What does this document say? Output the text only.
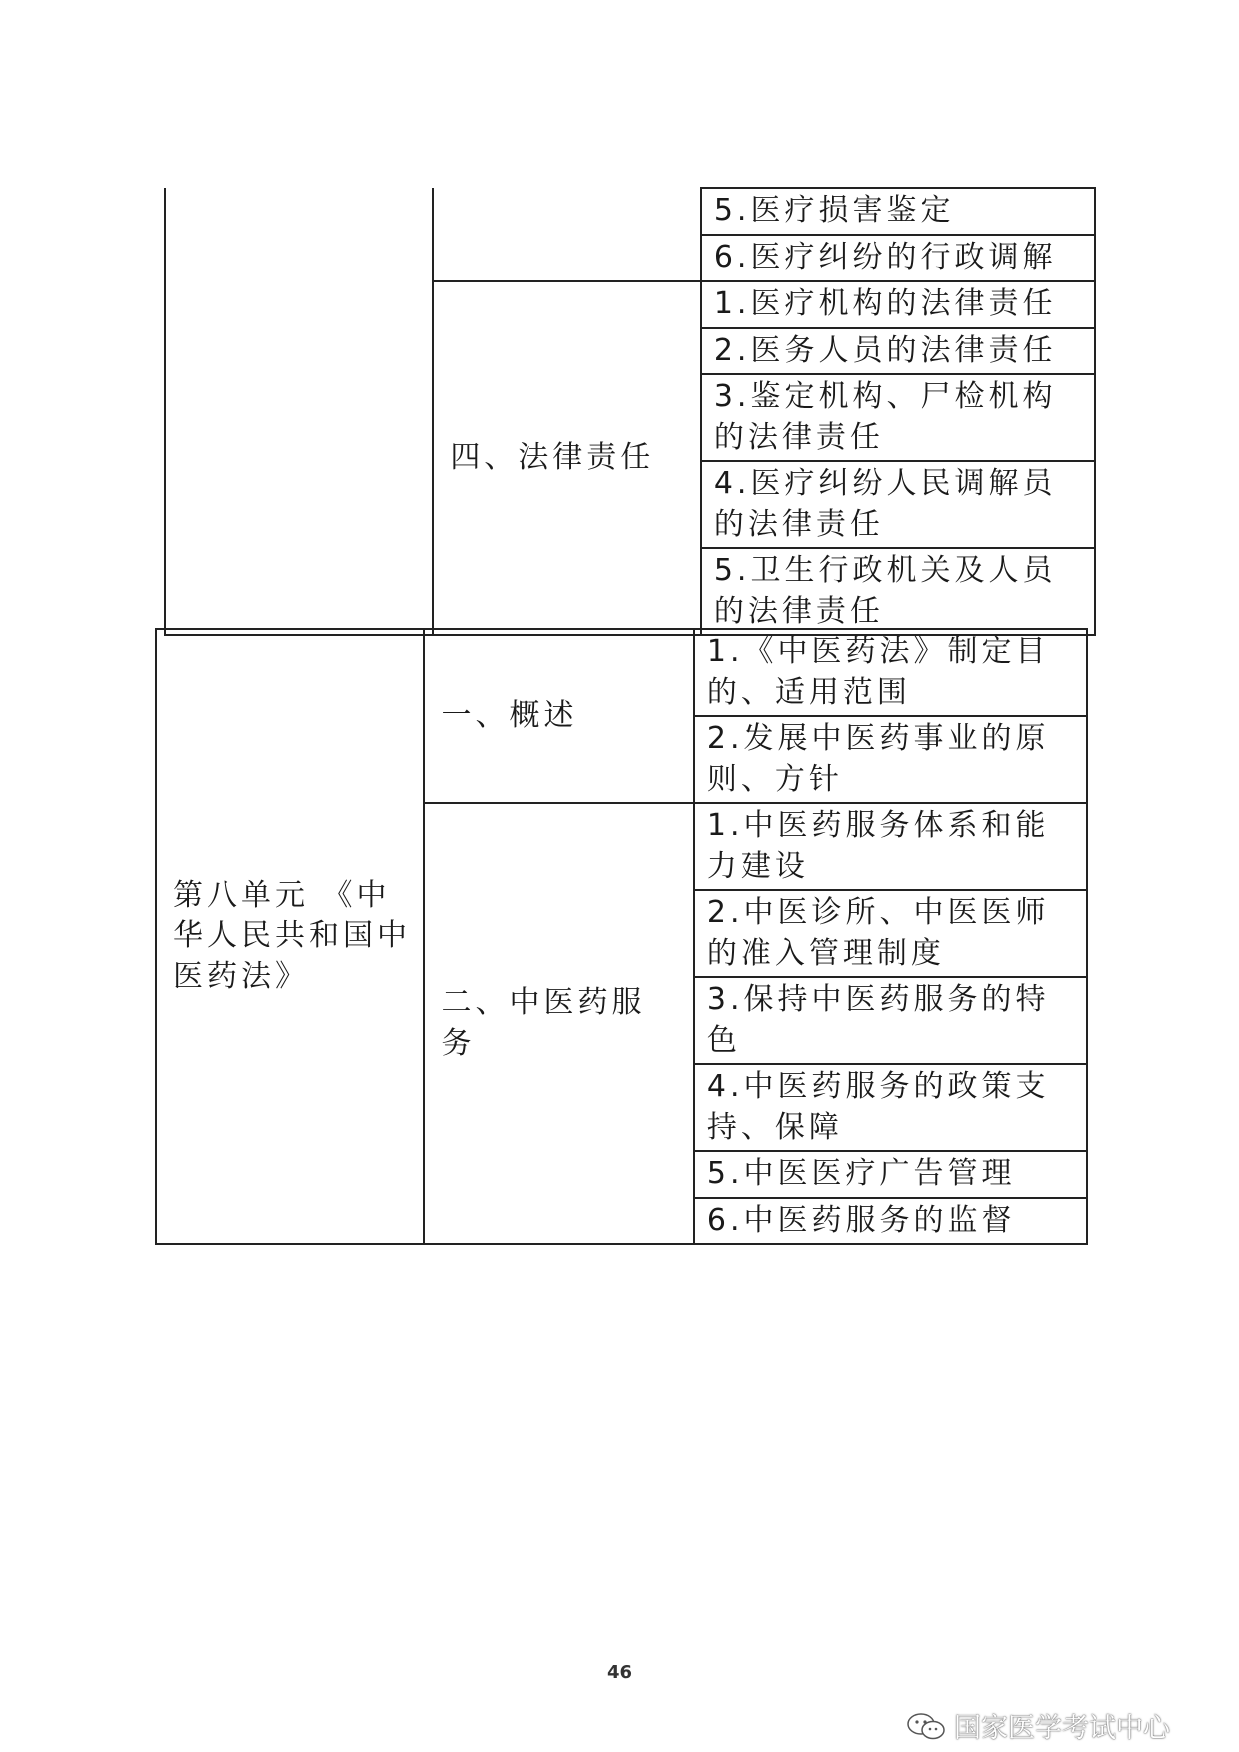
		5.医疗损害鉴定
		6.医疗纠纷的行政调解
	四、法律责任	1.医疗机构的法律责任
		2.医务人员的法律责任
		3.鉴定机构、尸检机构的法律责任
		4.医疗纠纷人民调解员的法律责任
		5.卫生行政机关及人员的法律责任
第八单元 《中华人民共和国中医药法》	一、概述	1.《中医药法》制定目的、适用范围
		2.发展中医药事业的原则、方针
	二、中医药服务	1.中医药服务体系和能力建设
		2.中医诊所、中医医师的准入管理制度
		3.保持中医药服务的特色
		4.中医药服务的政策支持、保障
		5.中医医疗广告管理
		6.中医药服务的监督
46
国家医学考试中心
